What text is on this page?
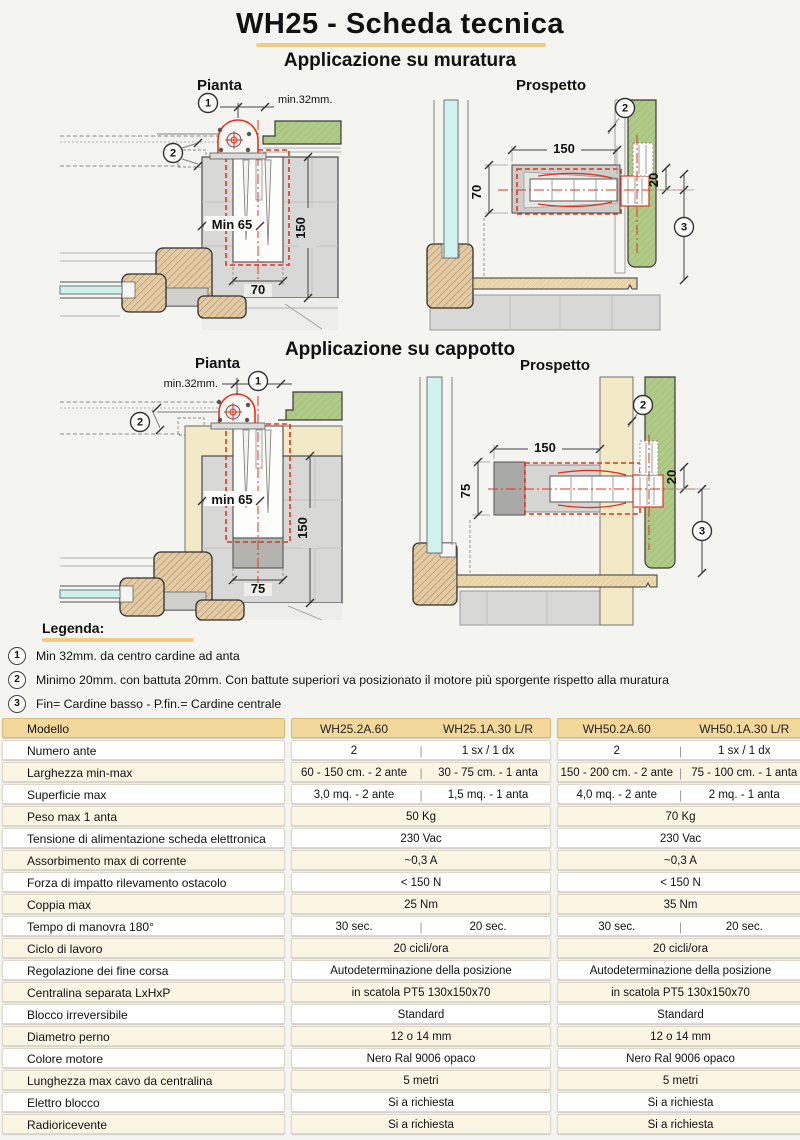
WH25 - Scheda tecnica
Applicazione su muratura
Pianta	Prospetto
min.32mm.
1
2
Min 65	150
70
150
70
20
3
2
Applicazione su cappotto
Pianta	Prospetto
min.32mm.	1
2
min 65
150
75
150
75
20
3
2
Legenda:
1	Min 32mm. da centro cardine ad anta
2	Minimo 20mm. con battuta 20mm. Con battute superiori va posizionato il motore più sporgente rispetto alla muratura
3	Fin= Cardine basso - P.fin.= Cardine centrale
Modello	WH25.2A.60	WH25.1A.30 L/R	WH50.2A.60	WH50.1A.30 L/R
Numero ante	2	|	1 sx / 1 dx	2	|	1 sx / 1 dx
Larghezza min-max	60 - 150 cm. - 2 ante	|	30 - 75 cm. - 1 anta	150 - 200 cm. - 2 ante | 75 - 100 cm. - 1 anta
Superficie max	3,0 mq. - 2 ante	|	1,5 mq. - 1 anta	4,0 mq. - 2 ante	|	2 mq. - 1 anta
Peso max 1 anta	50 Kg	70 Kg
Tensione di alimentazione scheda elettronica	230 Vac	230 Vac
Assorbimento max di corrente	~0,3 A	~0,3 A
Forza di impatto rilevamento ostacolo	< 150 N	< 150 N
Coppia max	25 Nm	35 Nm
Tempo di manovra 180°	30 sec.	|	20 sec.	30 sec.	|	20 sec.
Ciclo di lavoro	20 cicli/ora	20 cicli/ora
Regolazione dei fine corsa	Autodeterminazione della posizione	Autodeterminazione della posizione
Centralina separata LxHxP	in scatola PT5 130x150x70	in scatola PT5 130x150x70
Blocco irreversibile	Standard	Standard
Diametro perno	12 o 14 mm	12 o 14 mm
Colore motore	Nero Ral 9006 opaco	Nero Ral 9006 opaco
Lunghezza max cavo da centralina	5 metri	5 metri
Elettro blocco	Si a richiesta	Si a richiesta
Radioricevente	Si a richiesta	Si a richiesta
